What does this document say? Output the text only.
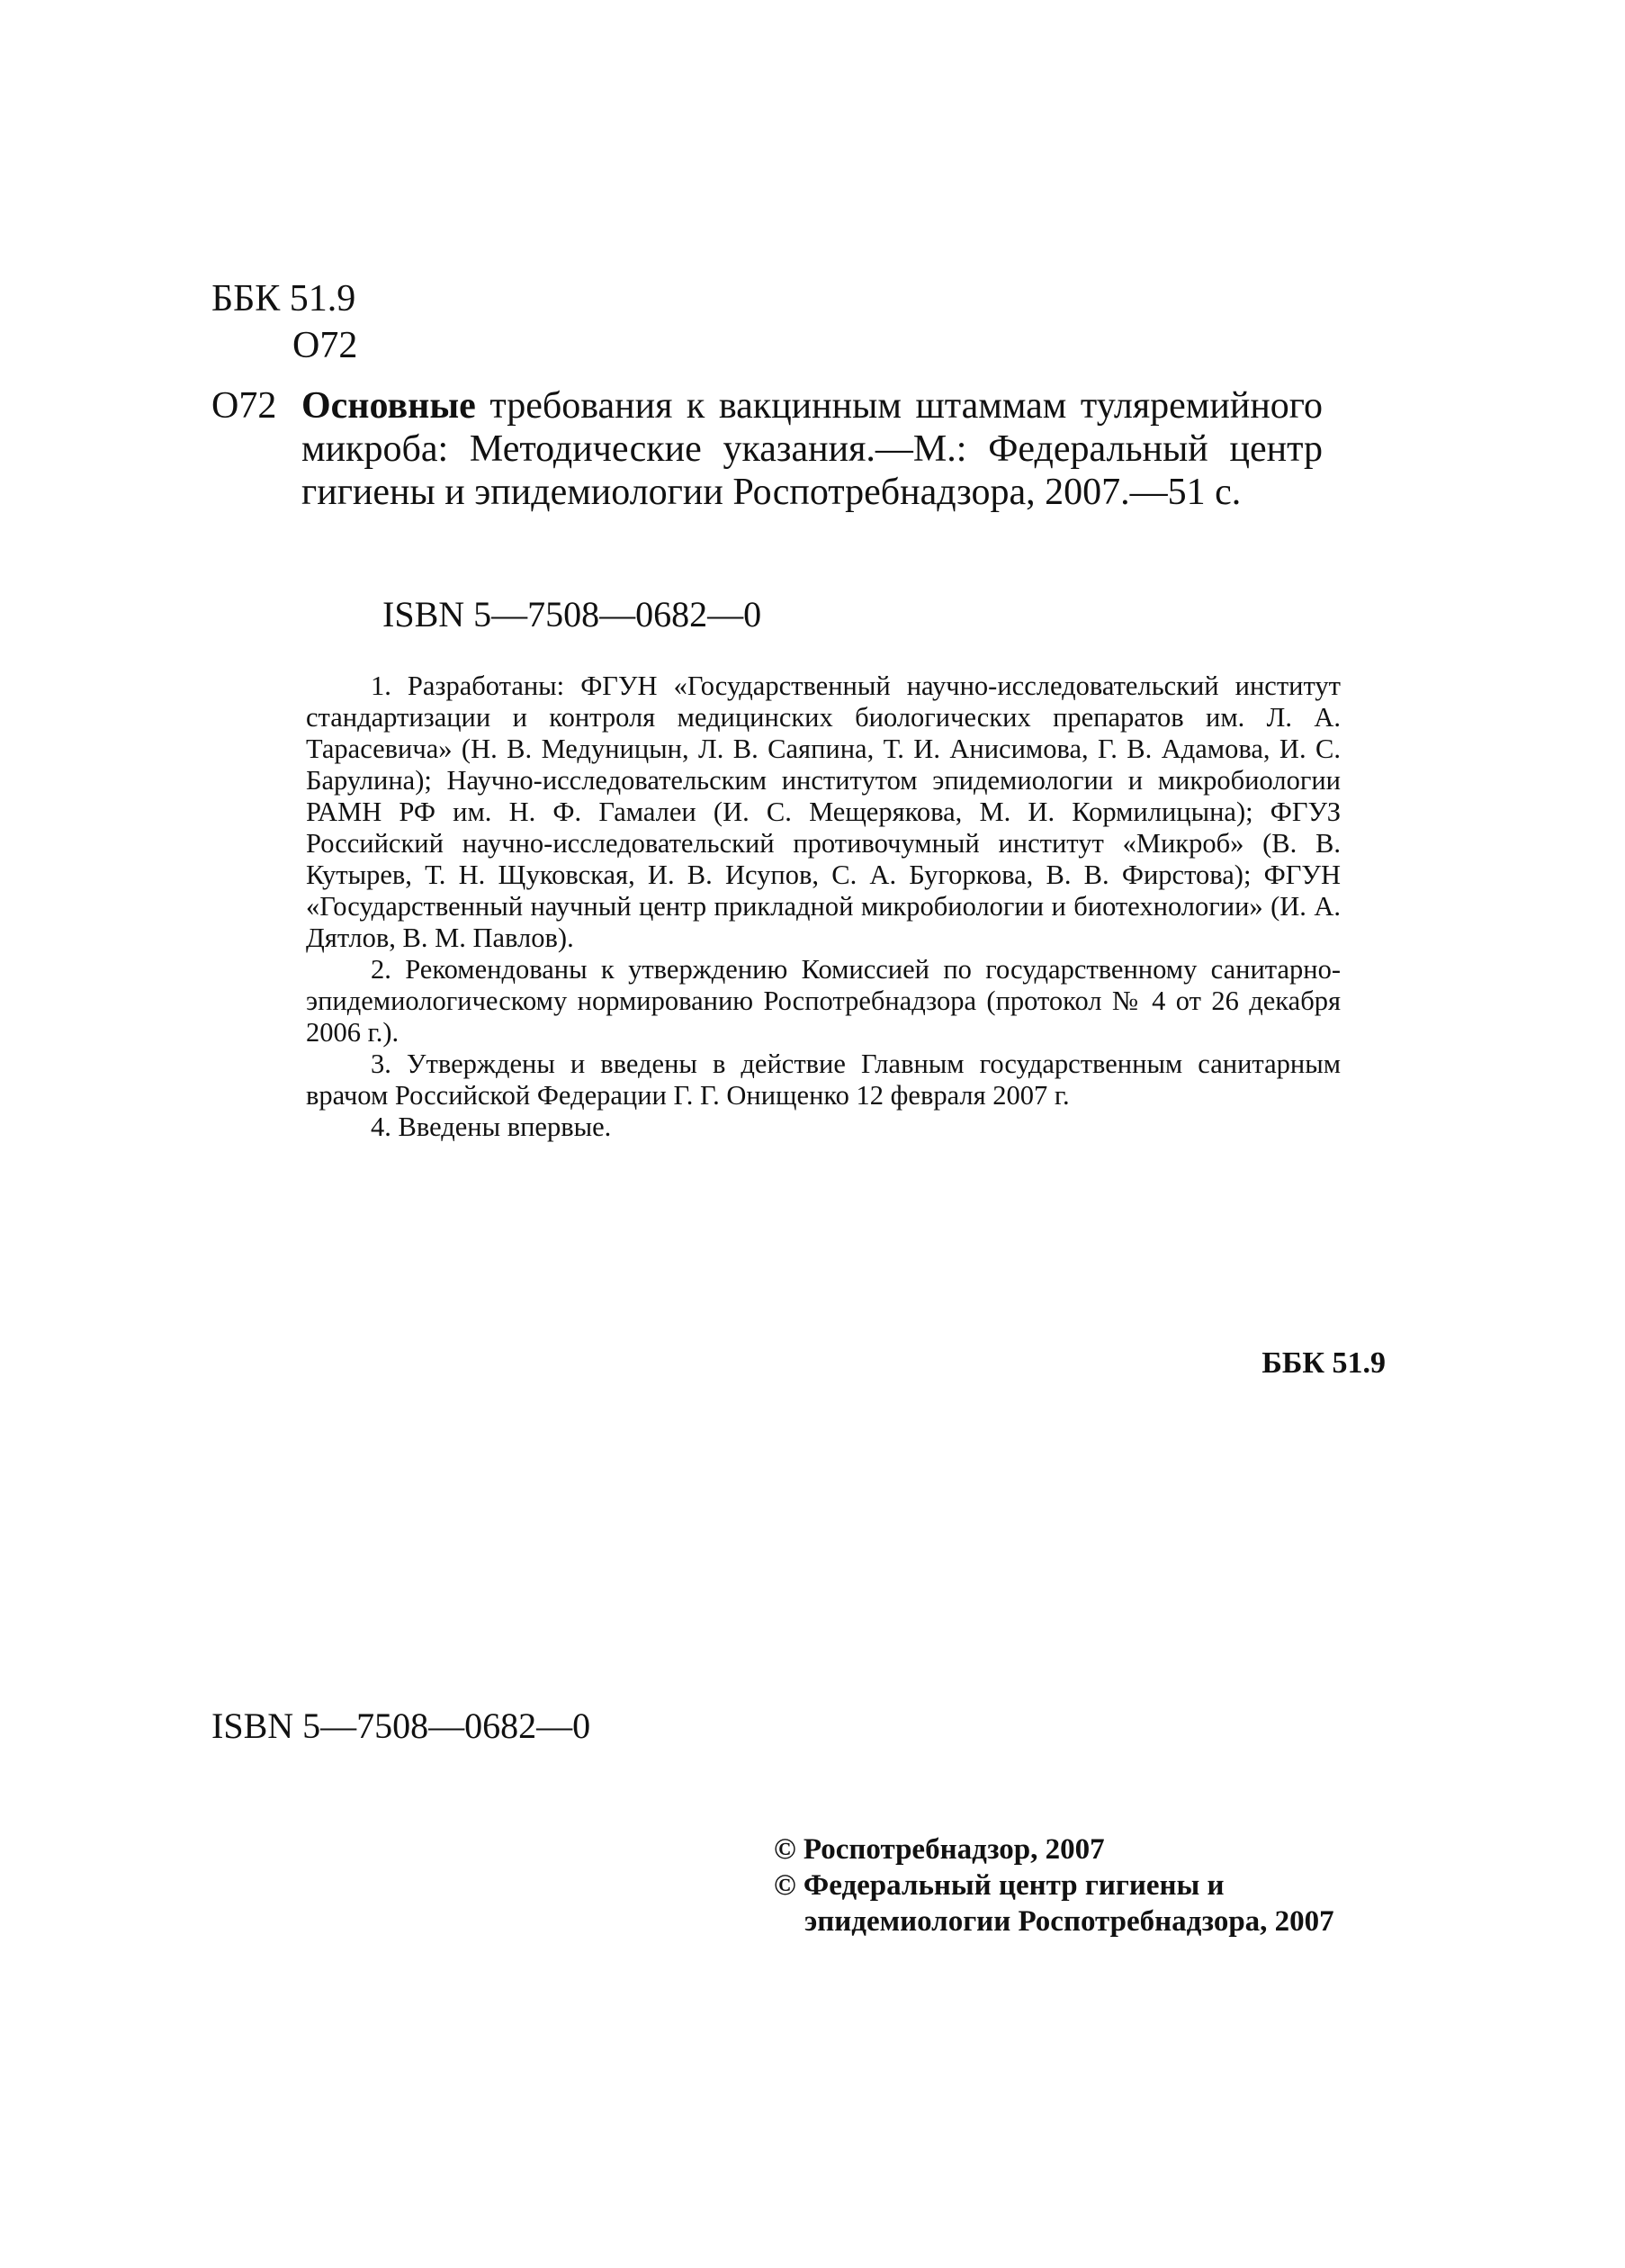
ББК 51.9
О72
О72 Основные требования к вакцинным штаммам туляремийного микроба: Методические указания.—М.: Федеральный центр гигиены и эпидемиологии Роспотребнадзора, 2007.—51 с.
ISBN 5—7508—0682—0

1. Разработаны: ФГУН «Государственный научно-исследовательский институт стандартизации и контроля медицинских биологических препаратов им. Л. А. Тарасевича» (Н. В. Медуницын, Л. В. Саяпина, Т. И. Анисимова, Г. В. Адамова, И. С. Барулина); Научно-исследовательским институтом эпидемиологии и микробиологии РАМН РФ им. Н. Ф. Гамалеи (И. С. Мещерякова, М. И. Кормилицына); ФГУЗ Российский научно-исследовательский противочумный институт «Микроб» (В. В. Кутырев, Т. Н. Щуковская, И. В. Исупов, С. А. Бугоркова, В. В. Фирстова); ФГУН «Государственный научный центр прикладной микробиологии и биотехнологии» (И. А. Дятлов, В. М. Павлов).

2. Рекомендованы к утверждению Комиссией по государственному санитарно-эпидемиологическому нормированию Роспотребнадзора (протокол № 4 от 26 декабря 2006 г.).

3. Утверждены и введены в действие Главным государственным санитарным врачом Российской Федерации Г. Г. Онищенко 12 февраля 2007 г.

4. Введены впервые.

ББК 51.9
ISBN 5—7508—0682—0
© Роспотребнадзор, 2007
© Федеральный центр гигиены и
эпидемиологии Роспотребнадзора, 2007
